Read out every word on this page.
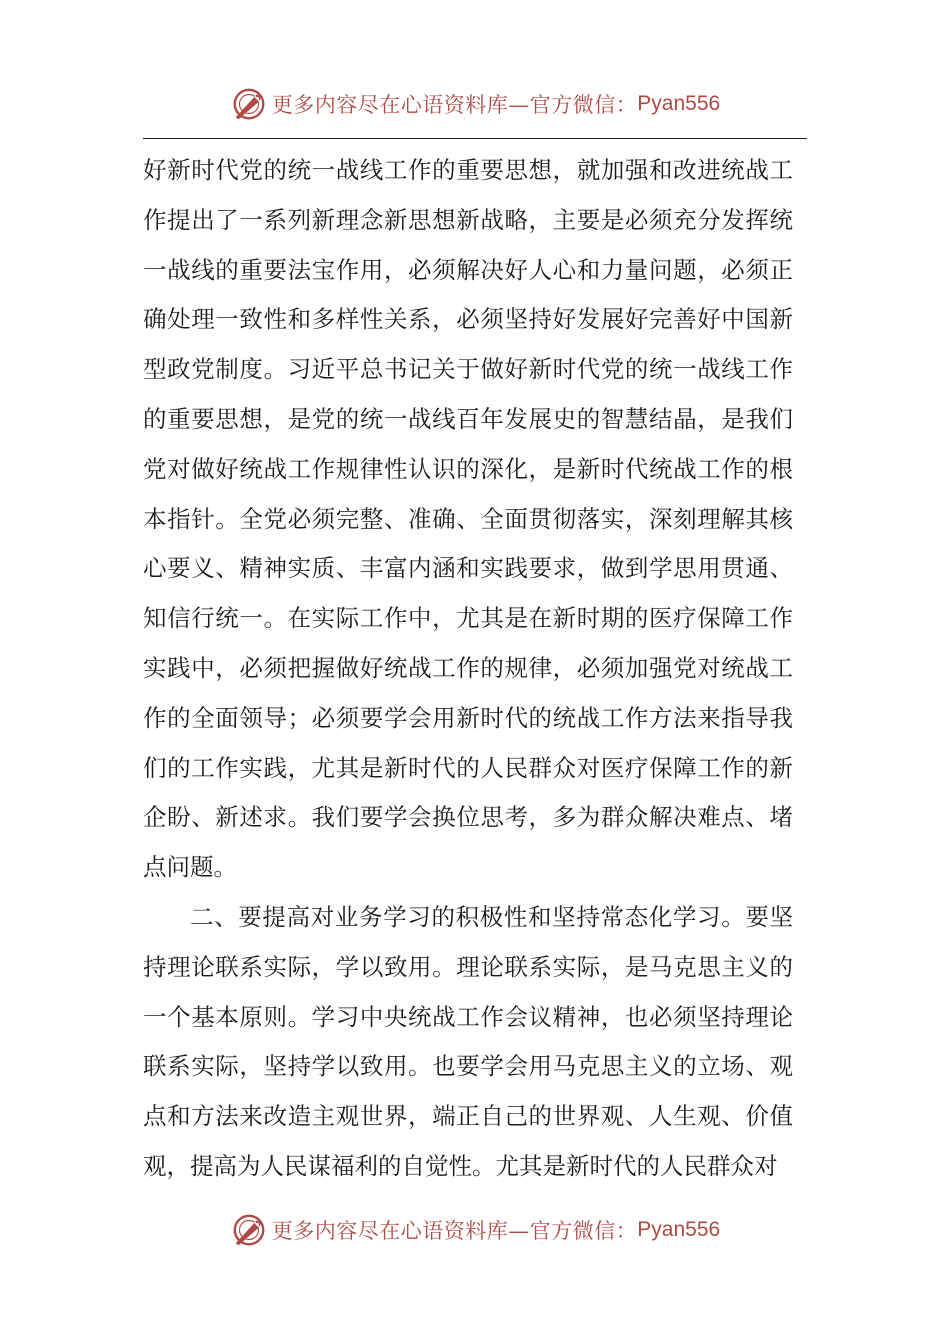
更多内容尽在心语资料库—官方微信： Pyan556

好新时代党的统一战线工作的重要思想，就加强和改进统战工作提出了一系列新理念新思想新战略，主要是必须充分发挥统一战线的重要法宝作用，必须解决好人心和力量问题，必须正确处理一致性和多样性关系，必须坚持好发展好完善好中国新型政党制度。习近平总书记关于做好新时代党的统一战线工作的重要思想，是党的统一战线百年发展史的智慧结晶，是我们党对做好统战工作规律性认识的深化，是新时代统战工作的根本指针。全党必须完整、准确、全面贯彻落实，深刻理解其核心要义、精神实质、丰富内涵和实践要求，做到学思用贯通、知信行统一。在实际工作中，尤其是在新时期的医疗保障工作实践中，必须把握做好统战工作的规律，必须加强党对统战工作的全面领导；必须要学会用新时代的统战工作方法来指导我们的工作实践，尤其是新时代的人民群众对医疗保障工作的新企盼、新述求。我们要学会换位思考，多为群众解决难点、堵点问题。

二、要提高对业务学习的积极性和坚持常态化学习。要坚持理论联系实际，学以致用。理论联系实际，是马克思主义的一个基本原则。学习中央统战工作会议精神，也必须坚持理论联系实际，坚持学以致用。也要学会用马克思主义的立场、观点和方法来改造主观世界，端正自己的世界观、人生观、价值观，提高为人民谋福利的自觉性。尤其是新时代的人民群众对

更多内容尽在心语资料库—官方微信： Pyan556
